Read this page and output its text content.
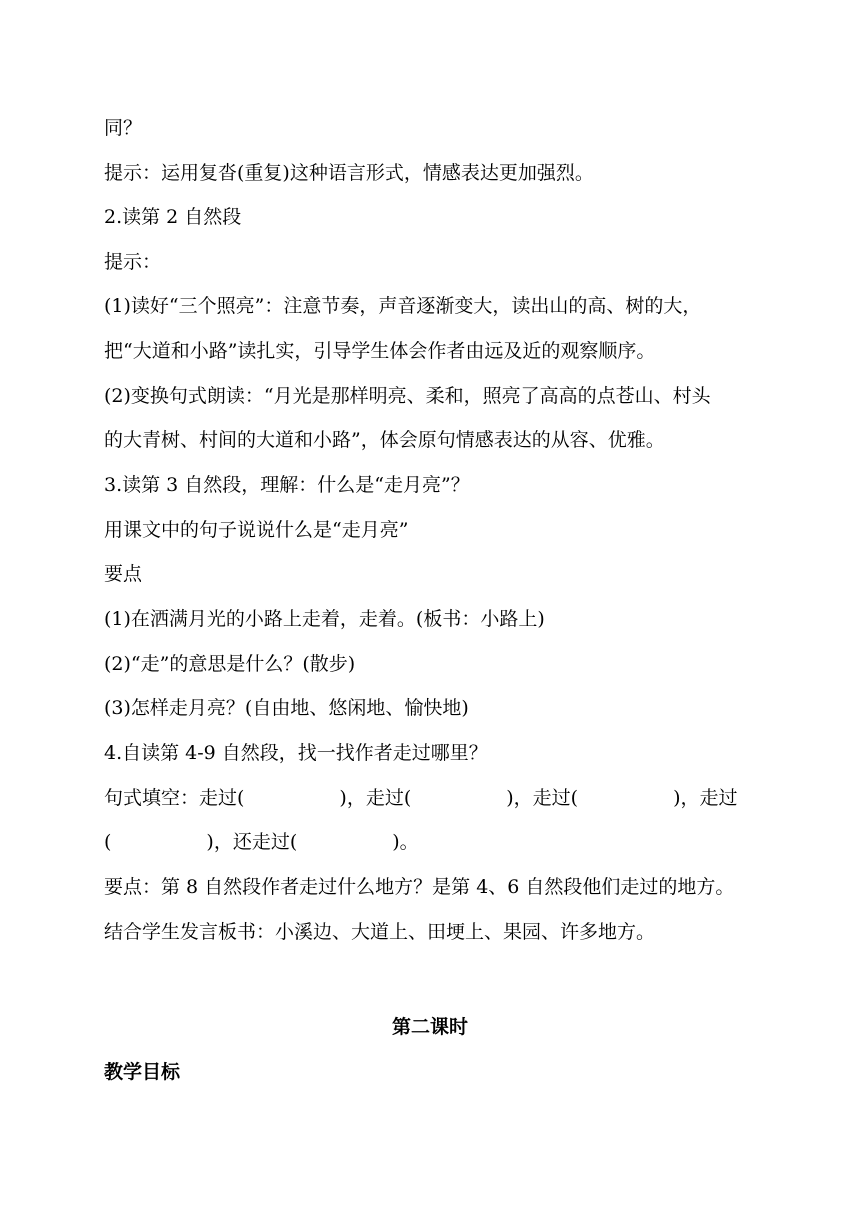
同？

提示：运用复沓(重复)这种语言形式，情感表达更加强烈。

2.读第 2 自然段

提示：

(1)读好“三个照亮”：注意节奏，声音逐渐变大，读出山的高、树的大，

把“大道和小路”读扎实，引导学生体会作者由远及近的观察顺序。

(2)变换句式朗读：“月光是那样明亮、柔和，照亮了高高的点苍山、村头

的大青树、村间的大道和小路”，体会原句情感表达的从容、优雅。

3.读第 3 自然段，理解：什么是“走月亮”？

用课文中的句子说说什么是“走月亮”

要点

(1)在洒满月光的小路上走着，走着。(板书：小路上)

(2)“走”的意思是什么？(散步)

(3)怎样走月亮？(自由地、悠闲地、愉快地)

4.自读第 4-9 自然段，找一找作者走过哪里？

句式填空：走过(　　　　　)，走过(　　　　　)，走过(　　　　　)，走过

(　　　　　)，还走过(　　　　　)。

要点：第 8 自然段作者走过什么地方？是第 4、6 自然段他们走过的地方。

结合学生发言板书：小溪边、大道上、田埂上、果园、许多地方。

第二课时
教学目标
